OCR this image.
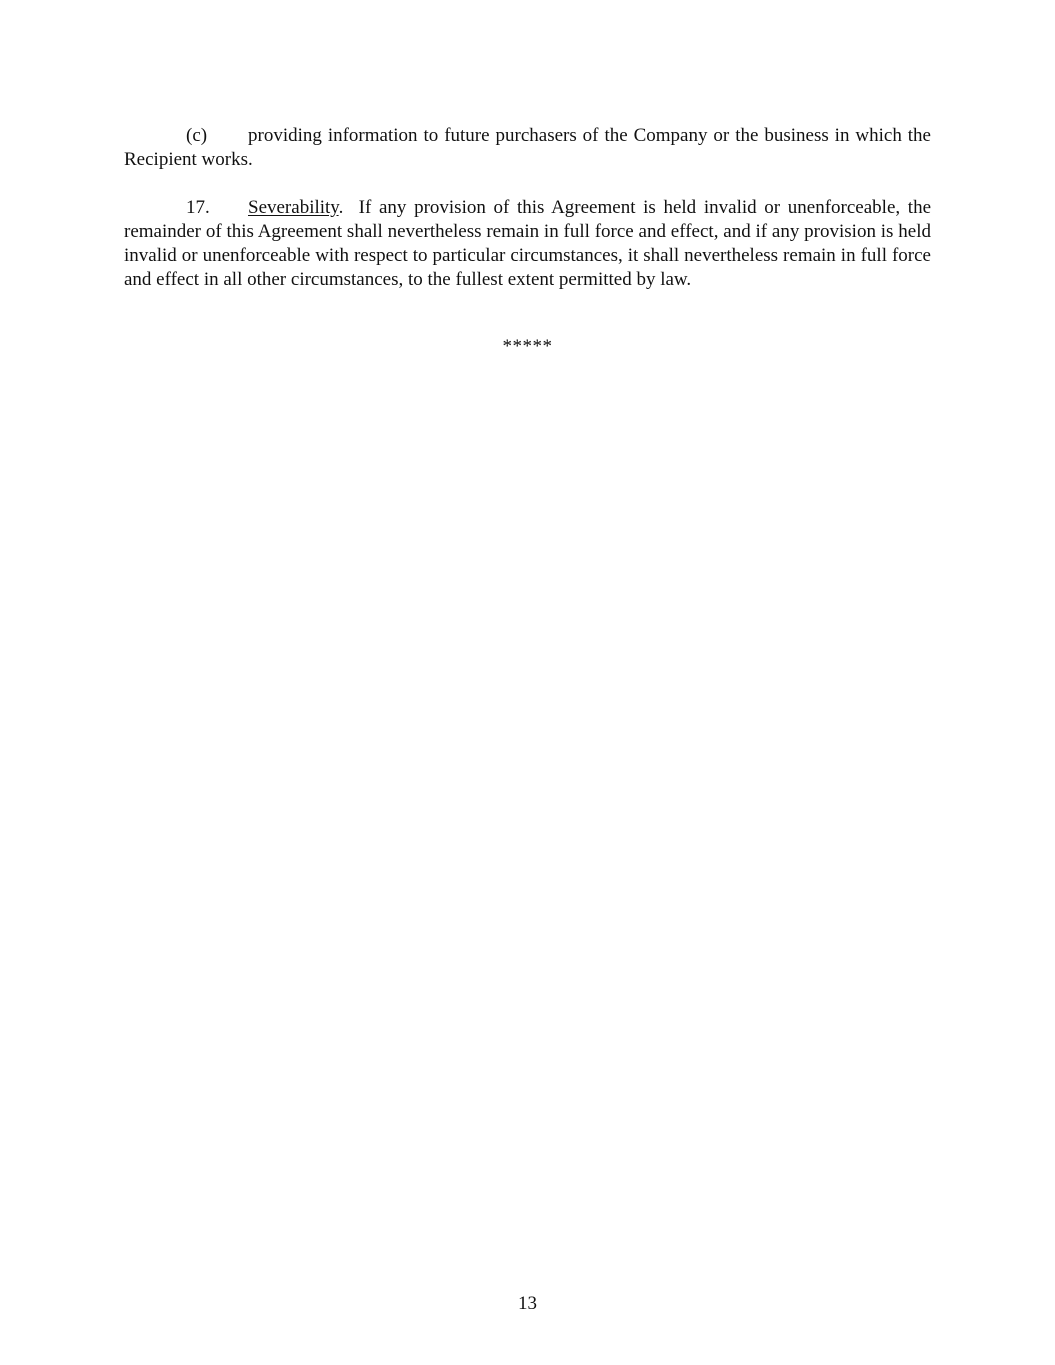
(c) providing information to future purchasers of the Company or the business in which the Recipient works.

17. Severability. If any provision of this Agreement is held invalid or unenforceable, the remainder of this Agreement shall nevertheless remain in full force and effect, and if any provision is held invalid or unenforceable with respect to particular circumstances, it shall nevertheless remain in full force and effect in all other circumstances, to the fullest extent permitted by law.

*****
13
